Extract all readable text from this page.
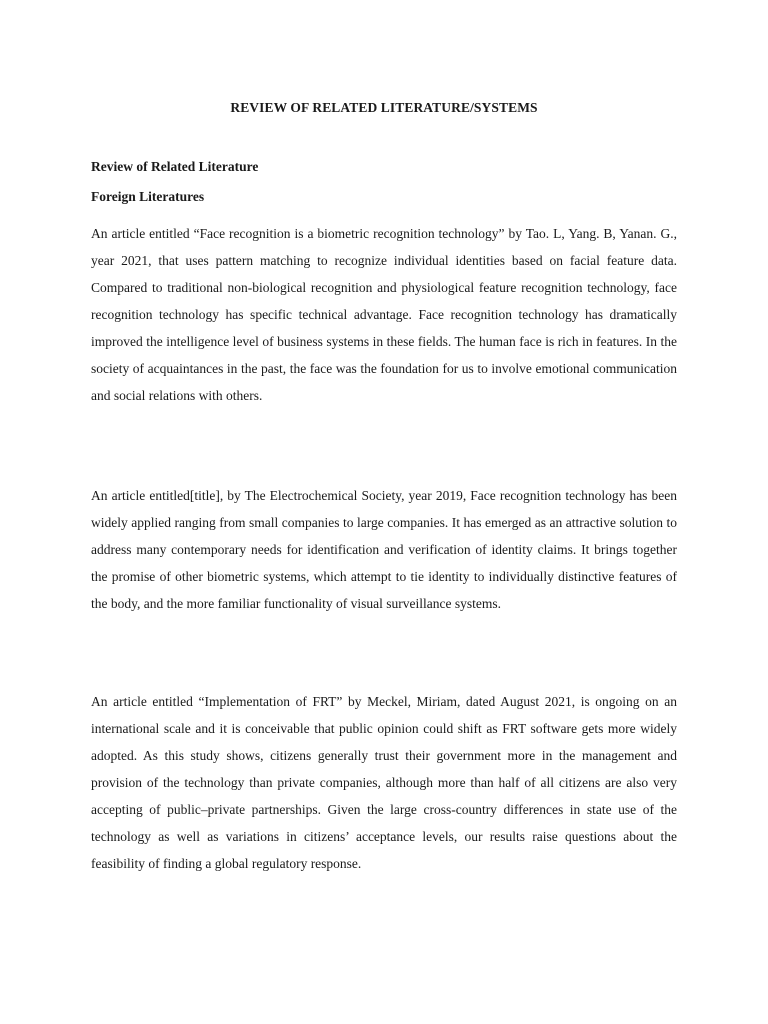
REVIEW OF RELATED LITERATURE/SYSTEMS
Review of Related Literature
Foreign Literatures

An article entitled “Face recognition is a biometric recognition technology” by Tao. L, Yang. B, Yanan. G., year 2021, that uses pattern matching to recognize individual identities based on facial feature data. Compared to traditional non-biological recognition and physiological feature recognition technology, face recognition technology has specific technical advantage. Face recognition technology has dramatically improved the intelligence level of business systems in these fields. The human face is rich in features. In the society of acquaintances in the past, the face was the foundation for us to involve emotional communication and social relations with others.

An article entitled[title], by The Electrochemical Society, year 2019, Face recognition technology has been widely applied ranging from small companies to large companies. It has emerged as an attractive solution to address many contemporary needs for identification and verification of identity claims. It brings together the promise of other biometric systems, which attempt to tie identity to individually distinctive features of the body, and the more familiar functionality of visual surveillance systems.

An article entitled “Implementation of FRT” by Meckel, Miriam, dated August 2021, is ongoing on an international scale and it is conceivable that public opinion could shift as FRT software gets more widely adopted. As this study shows, citizens generally trust their government more in the management and provision of the technology than private companies, although more than half of all citizens are also very accepting of public–private partnerships. Given the large cross-country differences in state use of the technology as well as variations in citizens’ acceptance levels, our results raise questions about the feasibility of finding a global regulatory response.
